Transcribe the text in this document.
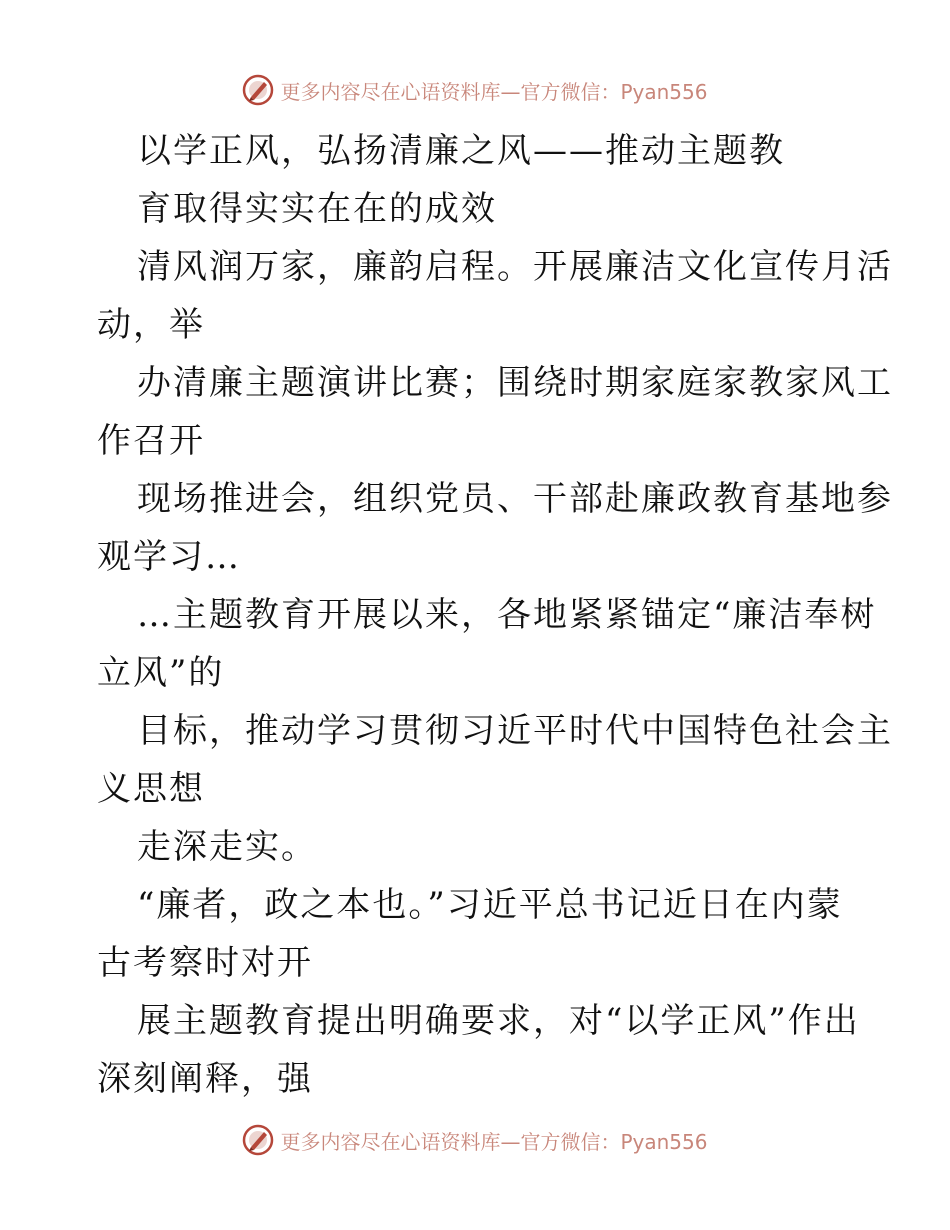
更多内容尽在心语资料库—官方微信：Pyan556
以学正风，弘扬清廉之风——推动主题教
育取得实实在在的成效
清风润万家，廉韵启程。开展廉洁文化宣传月活
动，举
办清廉主题演讲比赛；围绕时期家庭家教家风工
作召开
现场推进会，组织党员、干部赴廉政教育基地参
观学习…
…主题教育开展以来，各地紧紧锚定“廉洁奉树
立风”的
目标，推动学习贯彻习近平时代中国特色社会主
义思想
走深走实。
“廉者，政之本也。”习近平总书记近日在内蒙
古考察时对开
展主题教育提出明确要求，对“以学正风”作出
深刻阐释，强
更多内容尽在心语资料库—官方微信：Pyan556
